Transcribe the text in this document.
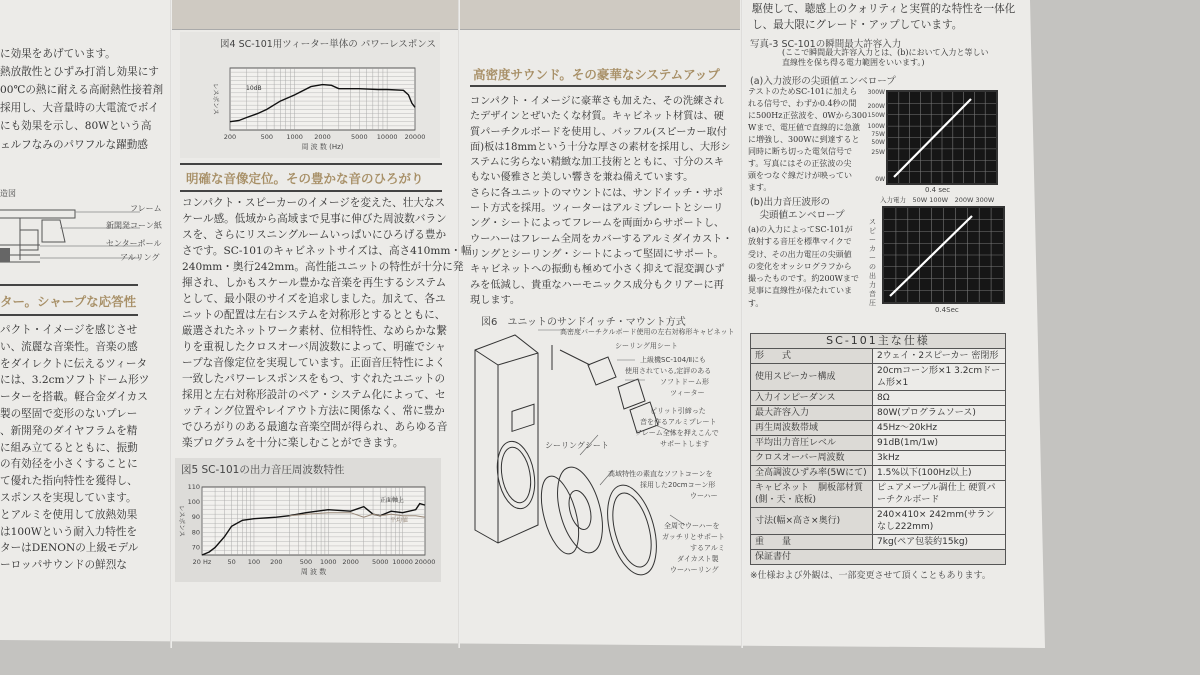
に効果をあげています。
熱放散性とひずみ打消し効果にす
00℃の熱に耐える高耐熱性接着剤
採用し、大音量時の大電流でボイ
にも効果を示し、80Wという高
ェルフなみのパワフルな躍動感
造図
フレーム
新開発コーン紙
センターポール
アルリング
ター。シャープな応答性
パクト・イメージを感じさせ
い、流麗な音楽性。音楽の感
をダイレクトに伝えるツィータ
には、3.2cmソフトドーム形ツ
ーターを搭載。軽合金ダイカス
製の堅固で変形のないプレー
、新開発のダイヤフラムを精
に組み立てるとともに、振動
の有効径を小さくすることに
て優れた指向特性を獲得し、
スポンスを実現しています。
とアルミを使用して放熱効果
は100Wという耐入力特性を
ターはDENONの上級モデル
ーロッパサウンドの鮮烈な
図4 SC-101用ツィーター単体の パワーレスポンス
200	500 1000 2000	5000 10000 20000
周 波 数 (Hz)
レスポンス	10dB
明確な音像定位。その豊かな音のひろがり
コンパクト・スピーカーのイメージを変えた、壮大なス
ケール感。低域から高域まで見事に伸びた周波数バラン
スを、さらにリスニングルームいっぱいにひろげる豊か
さです。SC-101のキャビネットサイズは、高さ410mm・幅
240mm・奥行242mm。高性能ユニットの特性が十分に発
揮され、しかもスケール豊かな音楽を再生するシステム
として、最小限のサイズを追求しました。加えて、各ユ
ニットの配置は左右システムを対称形とするとともに、
厳選されたネットワーク素材、位相特性、なめらかな繋
りを重視したクロスオーバ周波数によって、明確でシャ
ープな音像定位を実現しています。正面音圧特性によく
一致したパワーレスポンスをもつ、すぐれたユニットの
採用と左右対称形設計のペア・システム化によって、セ
ッティング位置やレイアウト方法に関係なく、常に豊か
でひろがりのある最適な音楽空間が得られ、あらゆる音
楽プログラムを十分に楽しむことができます。
図5 SC-101の出力音圧周波数特性
20 Hz 50 100 200	500 1000 2000 5000 10000 20000
周 波 数
レスポンス
110
100
90
80
70
正面軸上
平均値
高密度サウンド。その豪華なシステムアップ
コンパクト・イメージに豪華さも加えた、その洗練され
たデザインとぜいたくな材質。キャビネット材質は、硬
質パーチクルボードを使用し、バッフル(スピーカー取付
面)板は18mmという十分な厚さの素材を採用し、大形シ
ステムに劣らない精緻な加工技術とともに、寸分のスキ
もない優雅さと美しい響きを兼ね備えています。
さらに各ユニットのマウントには、サンドイッチ・サポ
ート方式を採用。ツィーターはアルミプレートとシーリ
ング・シートによってフレームを両面からサポートし、
ウーハーはフレーム全周をカバーするアルミダイカスト・
リングとシーリング・シートによって堅固にサポート。
キャビネットへの振動も極めて小さく抑えて混変調ひず
みを低減し、貴重なハーモニックス成分もクリアーに再
現します。
図6　ユニットのサンドイッチ・マウント方式
高密度パーチクルボード使用の左右対称形キャビネット
シーリング用シート
上級機SC-104/Ⅱにも
使用されている,定評のある
ソフトドーム形
ツィーター
ピリット引締った
音を作るアルミプレート
フレーム全体を押えこんで
サポートします
シーリングシート
高域特性の素直なソフトコーンを
採用した20cmコーン形
ウーハー
全周でウーハーを
ガッチリとサポート
するアルミ
ダイカスト製
ウーハーリング
駆使して、聴感上のクォリティと実質的な特性を一体化
し、最大限にグレード・アップしています。
写真-3 SC-101の瞬間最大許容入力
(ここで瞬間最大許容入力とは、(b)において入力と等しい
直線性を保ち得る電力範囲をいいます。)
(a)入力波形の尖頭値エンベロープ
テストのためSC-101に加えら
れる信号で、わずか0.4秒の間
に500Hz正弦波を、0Wから300
Wまで、電圧値で直線的に急激
に増強し、300Wに到達すると
同時に断ち切った電気信号で
す。写真にはその正弦波の尖
頭をつなぐ線だけが映ってい
ます。
300W
200W
150W
100W
75W
50W
25W
0W
0.4 sec
入力電力　50W 100W　200W 300W
(b)出力音圧波形の
　尖頭値エンベロープ
(a)の入力によってSC-101が
放射する音圧を標準マイクで
受け、その出力電圧の尖頭値
の変化をオッシログラフから
撮ったものです。約200Wまで
見事に直線性が保たれていま
す。
スピーカーの出力音圧
0.4Sec
SC-101主な仕様	
形　　式	2ウェイ・2スピーカー 密閉形
使用スピーカー構成	20cmコーン形×1 3.2cmドーム形×1
入力インピーダンス	8Ω
最大許容入力	80W(プログラムソース)
再生周波数帯域	45Hz～20kHz
平均出力音圧レベル	91dB(1m/1w)
クロスオーバー周波数	3kHz
全高調波ひずみ率(5Wにて)	1.5%以下(100Hz以上)
キャビネット　胴板部材質 (側・天・底板)	ピュアメープル調仕上 硬質パーチクルボード
寸法(幅×高さ×奥行)	240×410× 242mm(サランなし222mm)
重　　量	7kg(ペア包装約15kg)
保証書付	
※仕様および外観は、一部変更させて頂くこともあります。
